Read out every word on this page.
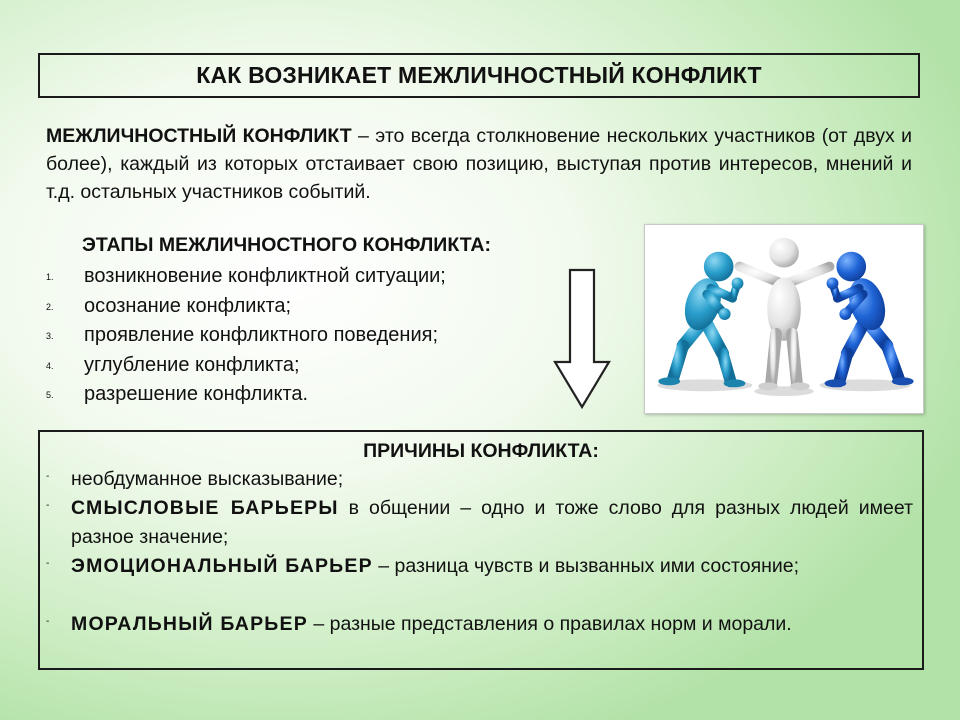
КАК ВОЗНИКАЕТ МЕЖЛИЧНОСТНЫЙ КОНФЛИКТ
МЕЖЛИЧНОСТНЫЙ КОНФЛИКТ – это всегда столкновение нескольких участников (от двух и более), каждый из которых отстаивает свою позицию, выступая против интересов, мнений и т.д. остальных участников событий.
ЭТАПЫ МЕЖЛИЧНОСТНОГО КОНФЛИКТА:
1. возникновение конфликтной ситуации;
2. осознание конфликта;
3. проявление конфликтного поведения;
4. углубление конфликта;
5. разрешение конфликта.
ПРИЧИНЫ КОНФЛИКТА:
- необдуманное высказывание;
- СМЫСЛОВЫЕ БАРЬЕРЫ в общении – одно и тоже слово для разных людей имеет разное значение;
- ЭМОЦИОНАЛЬНЫЙ БАРЬЕР – разница чувств и вызванных ими состояние;
- МОРАЛЬНЫЙ БАРЬЕР – разные представления о правилах норм и морали.
